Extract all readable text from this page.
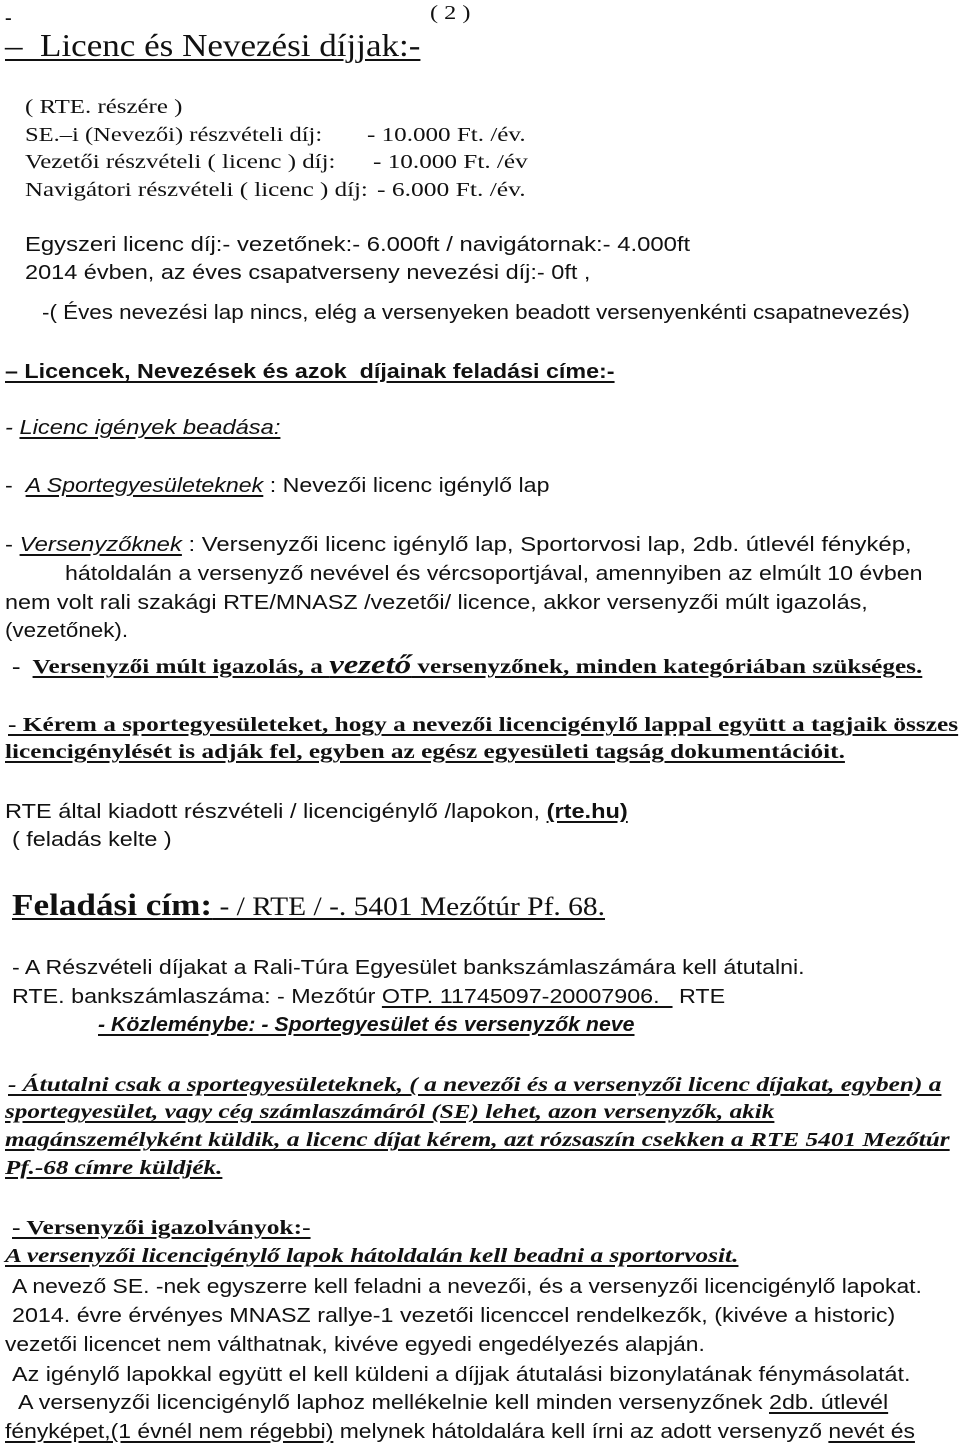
-	( 2 )
–  Licenc és Nevezési díjjak:-
( RTE. részére )
SE.–i (Nevezői) részvételi díj: - 10.000 Ft. /év.
Vezetői részvételi ( licenc ) díj: - 10.000 Ft. /év
Navigátori részvételi ( licenc ) díj: - 6.000 Ft. /év.
Egyszeri licenc díj:- vezetőnek:- 6.000ft / navigátornak:- 4.000ft
2014 évben, az éves csapatverseny nevezési díj:- 0ft ,
-( Éves nevezési lap nincs, elég a versenyeken beadott versenyenkénti csapatnevezés)
– Licencek, Nevezések és azok  díjainak feladási címe:-
- Licenc igények beadása:
-  A Sportegyesületeknek : Nevezői licenc igénylő lap
- Versenyzőknek : Versenyzői licenc igénylő lap, Sportorvosi lap, 2db. útlevél fénykép,
hátoldalán a versenyző nevével és vércsoportjával, amennyiben az elmúlt 10 évben
nem volt rali szakági RTE/MNASZ /vezetői/ licence, akkor versenyzői múlt igazolás,
(vezetőnek).
-  Versenyzői múlt igazolás, a vezető versenyzőnek, minden kategóriában szükséges.
- Kérem a sportegyesületeket, hogy a nevezői licencigénylő lappal együtt a tagjaik összes
licencigénylését is adják fel, egyben az egész egyesületi tagság dokumentációit.
RTE által kiadott részvételi / licencigénylő /lapokon, (rte.hu)
( feladás kelte )
Feladási cím: - / RTE / -. 5401 Mezőtúr Pf. 68.
- A Részvételi díjakat a Rali-Túra Egyesület bankszámlaszámára kell átutalni.
RTE. bankszámlaszáma: - Mezőtúr OTP. 11745097-20007906.   RTE
- Közleménybe: - Sportegyesület és versenyzők neve
- Átutalni csak a sportegyesületeknek, ( a nevezői és a versenyzői licenc díjakat, egyben) a
sportegyesület, vagy cég számlaszámáról (SE) lehet, azon versenyzők, akik
magánszemélyként küldik, a licenc díjat kérem, azt rózsaszín csekken a RTE 5401 Mezőtúr
Pf.-68 címre küldjék.
- Versenyzői igazolványok:-
A versenyzői licencigénylő lapok hátoldalán kell beadni a sportorvosit.
A nevező SE. -nek egyszerre kell feladni a nevezői, és a versenyzői licencigénylő lapokat.
2014. évre érvényes MNASZ rallye-1 vezetői licenccel rendelkezők, (kivéve a historic)
vezetői licencet nem válthatnak, kivéve egyedi engedélyezés alapján.
Az igénylő lapokkal együtt el kell küldeni a díjjak átutalási bizonylatának fénymásolatát.
A versenyzői licencigénylő laphoz mellékelnie kell minden versenyzőnek 2db. útlevél
fényképet,(1 évnél nem régebbi) melynek hátoldalára kell írni az adott versenyző nevét és
